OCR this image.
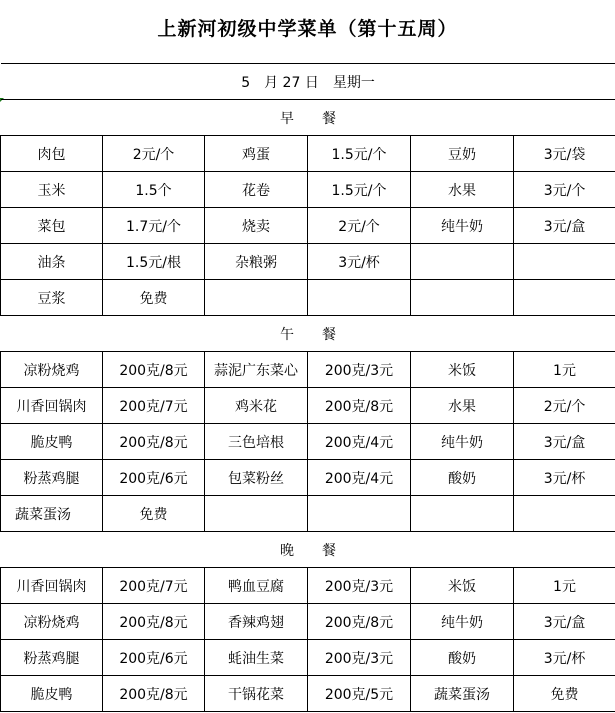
上新河初级中学菜单（第十五周）
5　月 27 日　星期一					
早　　餐					
肉包	2元/个	鸡蛋	1.5元/个	豆奶	3元/袋
玉米	1.5个	花卷	1.5元/个	水果	3元/个
菜包	1.7元/个	烧卖	2元/个	纯牛奶	3元/盒
油条	1.5元/根	杂粮粥	3元/杯		
豆浆	免费				
午　　餐					
凉粉烧鸡	200克/8元	蒜泥广东菜心	200克/3元	米饭	1元
川香回锅肉	200克/7元	鸡米花	200克/8元	水果	2元/个
脆皮鸭	200克/8元	三色培根	200克/4元	纯牛奶	3元/盒
粉蒸鸡腿	200克/6元	包菜粉丝	200克/4元	酸奶	3元/杯
蔬菜蛋汤	免费				
晚　　餐					
川香回锅肉	200克/7元	鸭血豆腐	200克/3元	米饭	1元
凉粉烧鸡	200克/8元	香辣鸡翅	200克/8元	纯牛奶	3元/盒
粉蒸鸡腿	200克/6元	蚝油生菜	200克/3元	酸奶	3元/杯
脆皮鸭	200克/8元	干锅花菜	200克/5元	蔬菜蛋汤	免费
